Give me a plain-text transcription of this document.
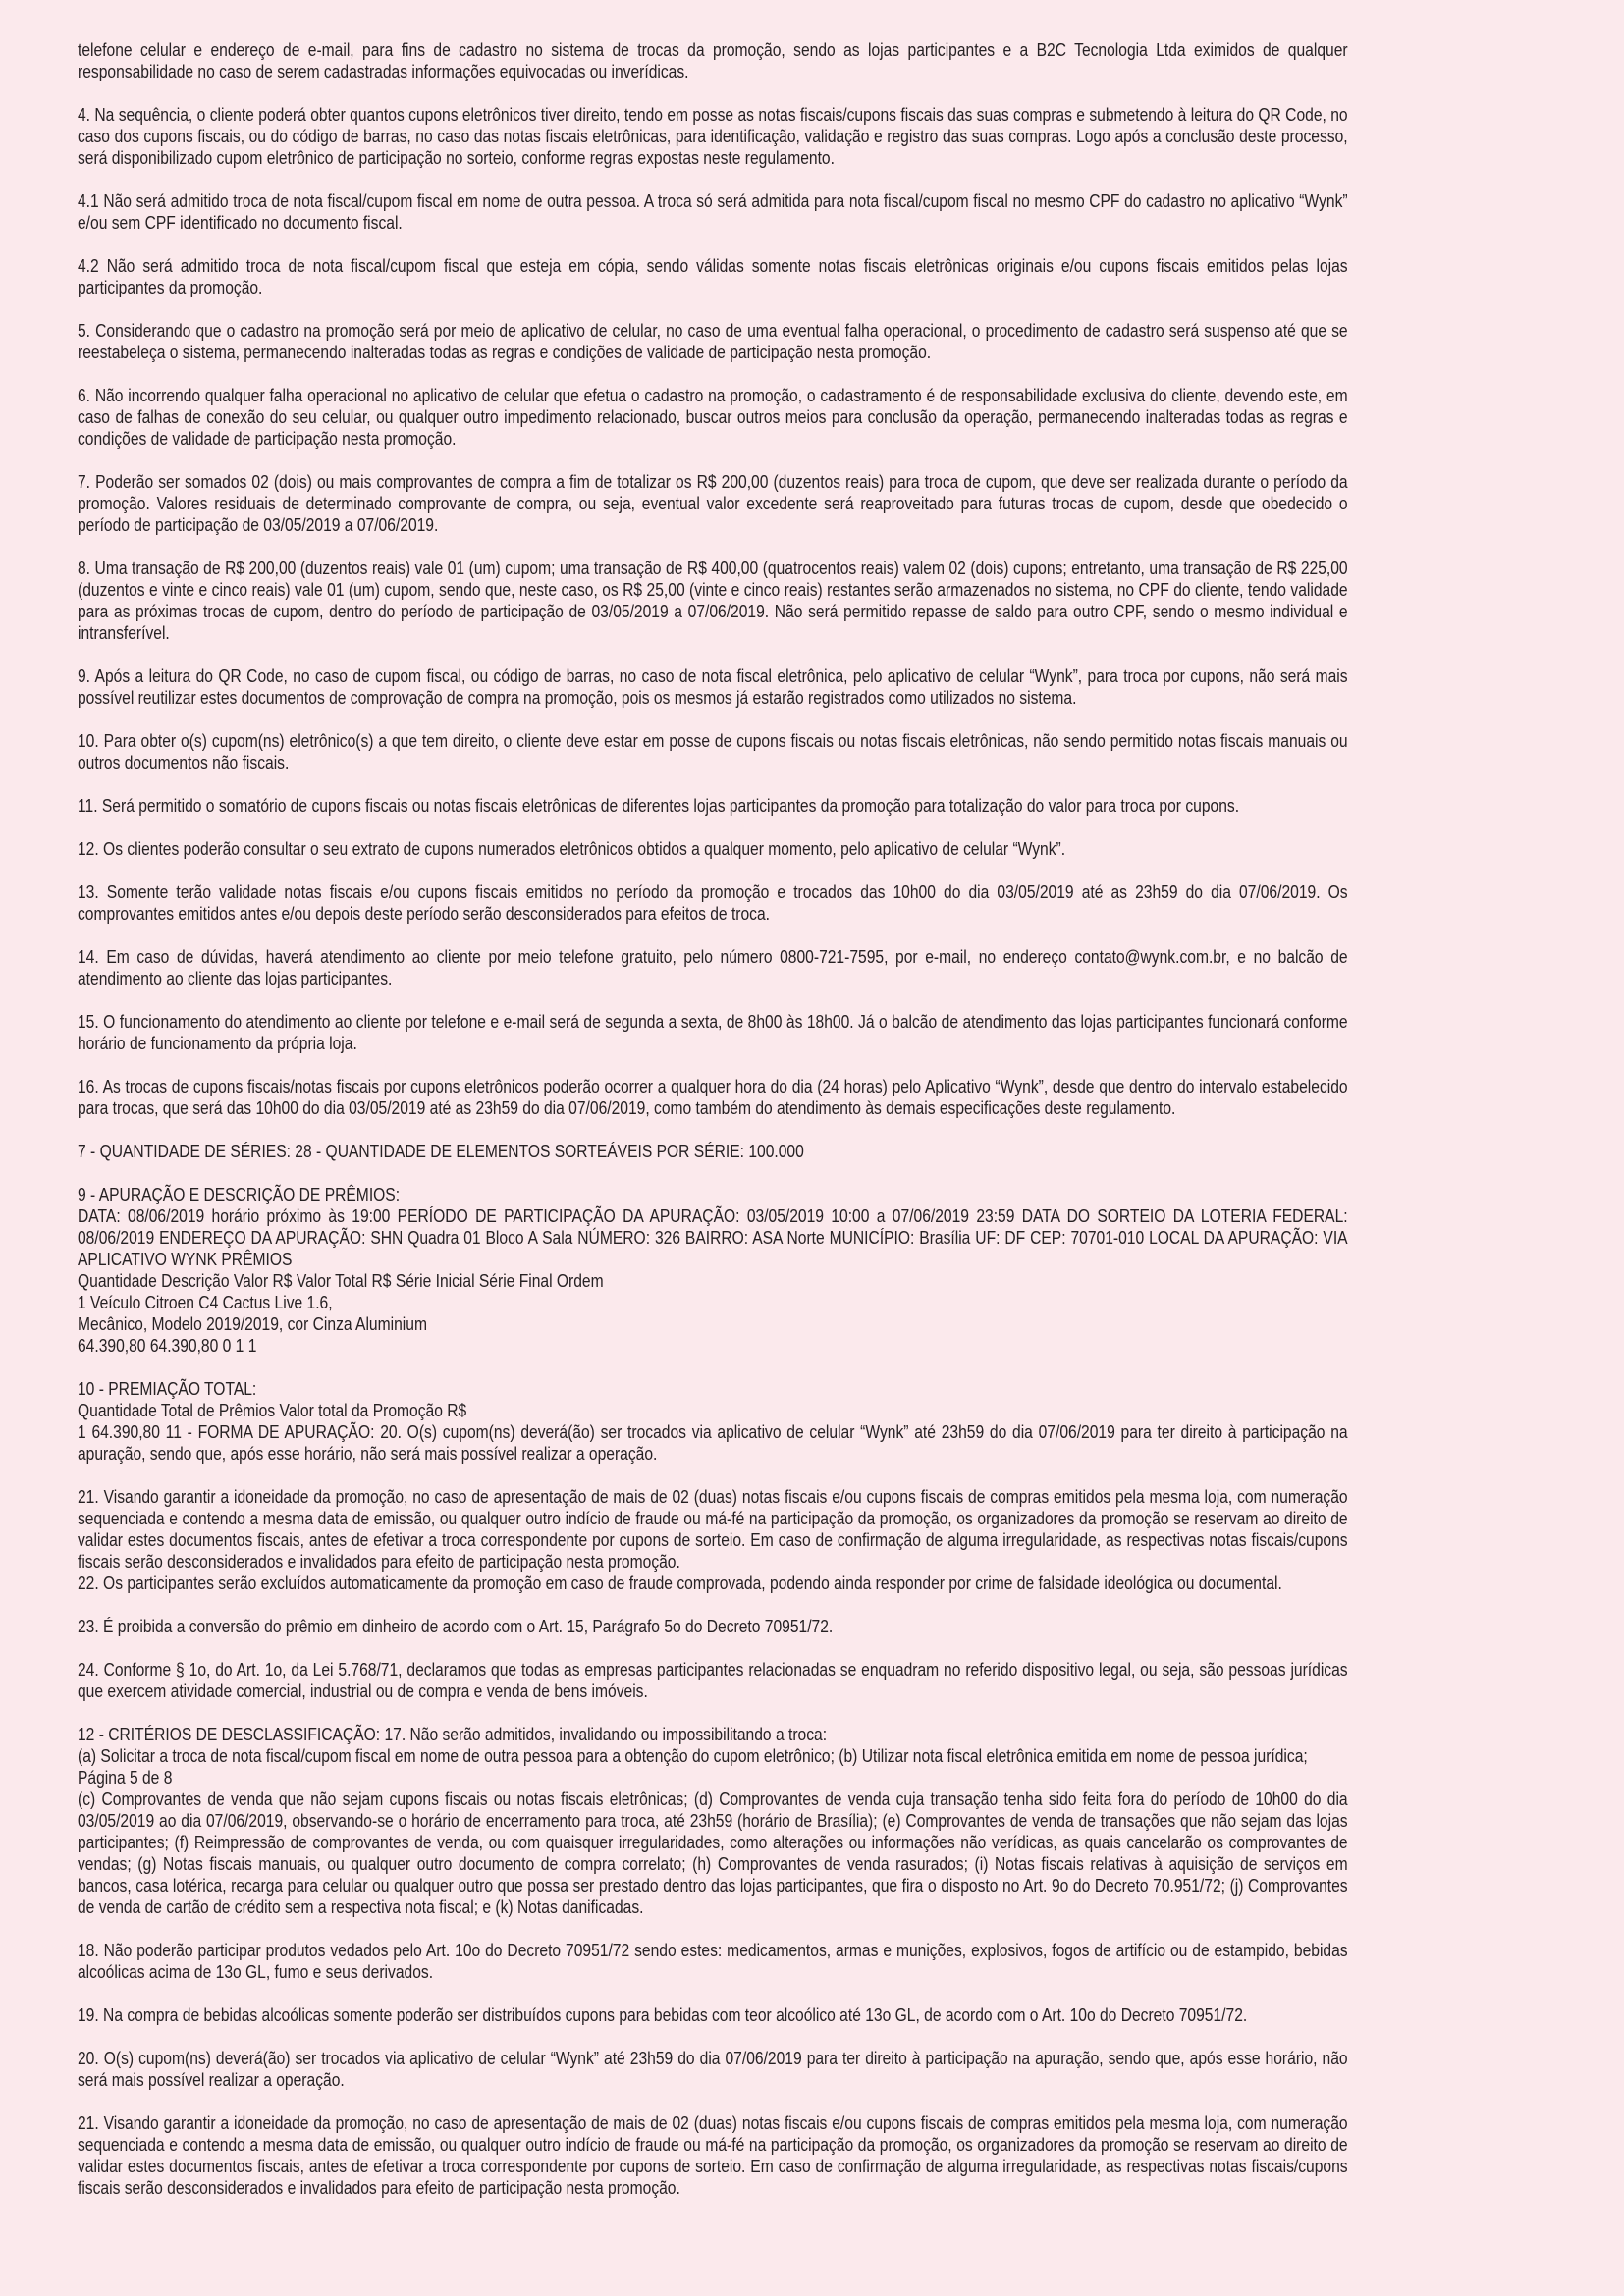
telefone celular e endereço de e-mail, para fins de cadastro no sistema de trocas da promoção, sendo as lojas participantes e a B2C Tecnologia Ltda eximidos de qualquer responsabilidade no caso de serem cadastradas informações equivocadas ou inverídicas.

4. Na sequência, o cliente poderá obter quantos cupons eletrônicos tiver direito, tendo em posse as notas fiscais/cupons fiscais das suas compras e submetendo à leitura do QR Code, no caso dos cupons fiscais, ou do código de barras, no caso das notas fiscais eletrônicas, para identificação, validação e registro das suas compras. Logo após a conclusão deste processo, será disponibilizado cupom eletrônico de participação no sorteio, conforme regras expostas neste regulamento.

4.1 Não será admitido troca de nota fiscal/cupom fiscal em nome de outra pessoa. A troca só será admitida para nota fiscal/cupom fiscal no mesmo CPF do cadastro no aplicativo “Wynk” e/ou sem CPF identificado no documento fiscal.

4.2 Não será admitido troca de nota fiscal/cupom fiscal que esteja em cópia, sendo válidas somente notas fiscais eletrônicas originais e/ou cupons fiscais emitidos pelas lojas participantes da promoção.

5. Considerando que o cadastro na promoção será por meio de aplicativo de celular, no caso de uma eventual falha operacional, o procedimento de cadastro será suspenso até que se reestabeleça o sistema, permanecendo inalteradas todas as regras e condições de validade de participação nesta promoção.

6. Não incorrendo qualquer falha operacional no aplicativo de celular que efetua o cadastro na promoção, o cadastramento é de responsabilidade exclusiva do cliente, devendo este, em caso de falhas de conexão do seu celular, ou qualquer outro impedimento relacionado, buscar outros meios para conclusão da operação, permanecendo inalteradas todas as regras e condições de validade de participação nesta promoção.

7. Poderão ser somados 02 (dois) ou mais comprovantes de compra a fim de totalizar os R$ 200,00 (duzentos reais) para troca de cupom, que deve ser realizada durante o período da promoção. Valores residuais de determinado comprovante de compra, ou seja, eventual valor excedente será reaproveitado para futuras trocas de cupom, desde que obedecido o período de participação de 03/05/2019 a 07/06/2019.

8. Uma transação de R$ 200,00 (duzentos reais) vale 01 (um) cupom; uma transação de R$ 400,00 (quatrocentos reais) valem 02 (dois) cupons; entretanto, uma transação de R$ 225,00 (duzentos e vinte e cinco reais) vale 01 (um) cupom, sendo que, neste caso, os R$ 25,00 (vinte e cinco reais) restantes serão armazenados no sistema, no CPF do cliente, tendo validade para as próximas trocas de cupom, dentro do período de participação de 03/05/2019 a 07/06/2019. Não será permitido repasse de saldo para outro CPF, sendo o mesmo individual e intransferível.

9. Após a leitura do QR Code, no caso de cupom fiscal, ou código de barras, no caso de nota fiscal eletrônica, pelo aplicativo de celular “Wynk”, para troca por cupons, não será mais possível reutilizar estes documentos de comprovação de compra na promoção, pois os mesmos já estarão registrados como utilizados no sistema.

10. Para obter o(s) cupom(ns) eletrônico(s) a que tem direito, o cliente deve estar em posse de cupons fiscais ou notas fiscais eletrônicas, não sendo permitido notas fiscais manuais ou outros documentos não fiscais.

11. Será permitido o somatório de cupons fiscais ou notas fiscais eletrônicas de diferentes lojas participantes da promoção para totalização do valor para troca por cupons.

12. Os clientes poderão consultar o seu extrato de cupons numerados eletrônicos obtidos a qualquer momento, pelo aplicativo de celular “Wynk”.

13. Somente terão validade notas fiscais e/ou cupons fiscais emitidos no período da promoção e trocados das 10h00 do dia 03/05/2019 até as 23h59 do dia 07/06/2019. Os comprovantes emitidos antes e/ou depois deste período serão desconsiderados para efeitos de troca.

14. Em caso de dúvidas, haverá atendimento ao cliente por meio telefone gratuito, pelo número 0800-721-7595, por e-mail, no endereço contato@wynk.com.br, e no balcão de atendimento ao cliente das lojas participantes.

15. O funcionamento do atendimento ao cliente por telefone e e-mail será de segunda a sexta, de 8h00 às 18h00. Já o balcão de atendimento das lojas participantes funcionará conforme horário de funcionamento da própria loja.

16. As trocas de cupons fiscais/notas fiscais por cupons eletrônicos poderão ocorrer a qualquer hora do dia (24 horas) pelo Aplicativo “Wynk”, desde que dentro do intervalo estabelecido para trocas, que será das 10h00 do dia 03/05/2019 até as 23h59 do dia 07/06/2019, como também do atendimento às demais especificações deste regulamento.

7 - QUANTIDADE DE SÉRIES: 28 - QUANTIDADE DE ELEMENTOS SORTEÁVEIS POR SÉRIE: 100.000

9 - APURAÇÃO E DESCRIÇÃO DE PRÊMIOS:
DATA: 08/06/2019 horário próximo às 19:00 PERÍODO DE PARTICIPAÇÃO DA APURAÇÃO: 03/05/2019 10:00 a 07/06/2019 23:59 DATA DO SORTEIO DA LOTERIA FEDERAL: 08/06/2019 ENDEREÇO DA APURAÇÃO: SHN Quadra 01 Bloco A Sala NÚMERO: 326 BAIRRO: ASA Norte MUNICÍPIO: Brasília UF: DF CEP: 70701-010 LOCAL DA APURAÇÃO: VIA APLICATIVO WYNK PRÊMIOS
Quantidade Descrição Valor R$ Valor Total R$ Série Inicial Série Final Ordem
1 Veículo Citroen C4 Cactus Live 1.6,
Mecânico, Modelo 2019/2019, cor Cinza Aluminium
64.390,80 64.390,80 0 1 1
10 - PREMIAÇÃO TOTAL:
Quantidade Total de Prêmios Valor total da Promoção R$
1 64.390,80 11 - FORMA DE APURAÇÃO: 20. O(s) cupom(ns) deverá(ão) ser trocados via aplicativo de celular “Wynk” até 23h59 do dia 07/06/2019 para ter direito à participação na apuração, sendo que, após esse horário, não será mais possível realizar a operação.

21. Visando garantir a idoneidade da promoção, no caso de apresentação de mais de 02 (duas) notas fiscais e/ou cupons fiscais de compras emitidos pela mesma loja, com numeração sequenciada e contendo a mesma data de emissão, ou qualquer outro indício de fraude ou má-fé na participação da promoção, os organizadores da promoção se reservam ao direito de validar estes documentos fiscais, antes de efetivar a troca correspondente por cupons de sorteio. Em caso de confirmação de alguma irregularidade, as respectivas notas fiscais/cupons fiscais serão desconsiderados e invalidados para efeito de participação nesta promoção.

22. Os participantes serão excluídos automaticamente da promoção em caso de fraude comprovada, podendo ainda responder por crime de falsidade ideológica ou documental.

23. É proibida a conversão do prêmio em dinheiro de acordo com o Art. 15, Parágrafo 5o do Decreto 70951/72.

24. Conforme § 1o, do Art. 1o, da Lei 5.768/71, declaramos que todas as empresas participantes relacionadas se enquadram no referido dispositivo legal, ou seja, são pessoas jurídicas que exercem atividade comercial, industrial ou de compra e venda de bens imóveis.

12 - CRITÉRIOS DE DESCLASSIFICAÇÃO: 17. Não serão admitidos, invalidando ou impossibilitando a troca:
(a) Solicitar a troca de nota fiscal/cupom fiscal em nome de outra pessoa para a obtenção do cupom eletrônico; (b) Utilizar nota fiscal eletrônica emitida em nome de pessoa jurídica;
Página 5 de 8
(c) Comprovantes de venda que não sejam cupons fiscais ou notas fiscais eletrônicas; (d) Comprovantes de venda cuja transação tenha sido feita fora do período de 10h00 do dia 03/05/2019 ao dia 07/06/2019, observando-se o horário de encerramento para troca, até 23h59 (horário de Brasília); (e) Comprovantes de venda de transações que não sejam das lojas participantes; (f) Reimpressão de comprovantes de venda, ou com quaisquer irregularidades, como alterações ou informações não verídicas, as quais cancelarão os comprovantes de vendas; (g) Notas fiscais manuais, ou qualquer outro documento de compra correlato; (h) Comprovantes de venda rasurados; (i) Notas fiscais relativas à aquisição de serviços em bancos, casa lotérica, recarga para celular ou qualquer outro que possa ser prestado dentro das lojas participantes, que fira o disposto no Art. 9o do Decreto 70.951/72; (j) Comprovantes de venda de cartão de crédito sem a respectiva nota fiscal; e (k) Notas danificadas.

18. Não poderão participar produtos vedados pelo Art. 10o do Decreto 70951/72 sendo estes: medicamentos, armas e munições, explosivos, fogos de artifício ou de estampido, bebidas alcoólicas acima de 13o GL, fumo e seus derivados.

19. Na compra de bebidas alcoólicas somente poderão ser distribuídos cupons para bebidas com teor alcoólico até 13o GL, de acordo com o Art. 10o do Decreto 70951/72.

20. O(s) cupom(ns) deverá(ão) ser trocados via aplicativo de celular “Wynk” até 23h59 do dia 07/06/2019 para ter direito à participação na apuração, sendo que, após esse horário, não será mais possível realizar a operação.

21. Visando garantir a idoneidade da promoção, no caso de apresentação de mais de 02 (duas) notas fiscais e/ou cupons fiscais de compras emitidos pela mesma loja, com numeração sequenciada e contendo a mesma data de emissão, ou qualquer outro indício de fraude ou má-fé na participação da promoção, os organizadores da promoção se reservam ao direito de validar estes documentos fiscais, antes de efetivar a troca correspondente por cupons de sorteio. Em caso de confirmação de alguma irregularidade, as respectivas notas fiscais/cupons fiscais serão desconsiderados e invalidados para efeito de participação nesta promoção.
